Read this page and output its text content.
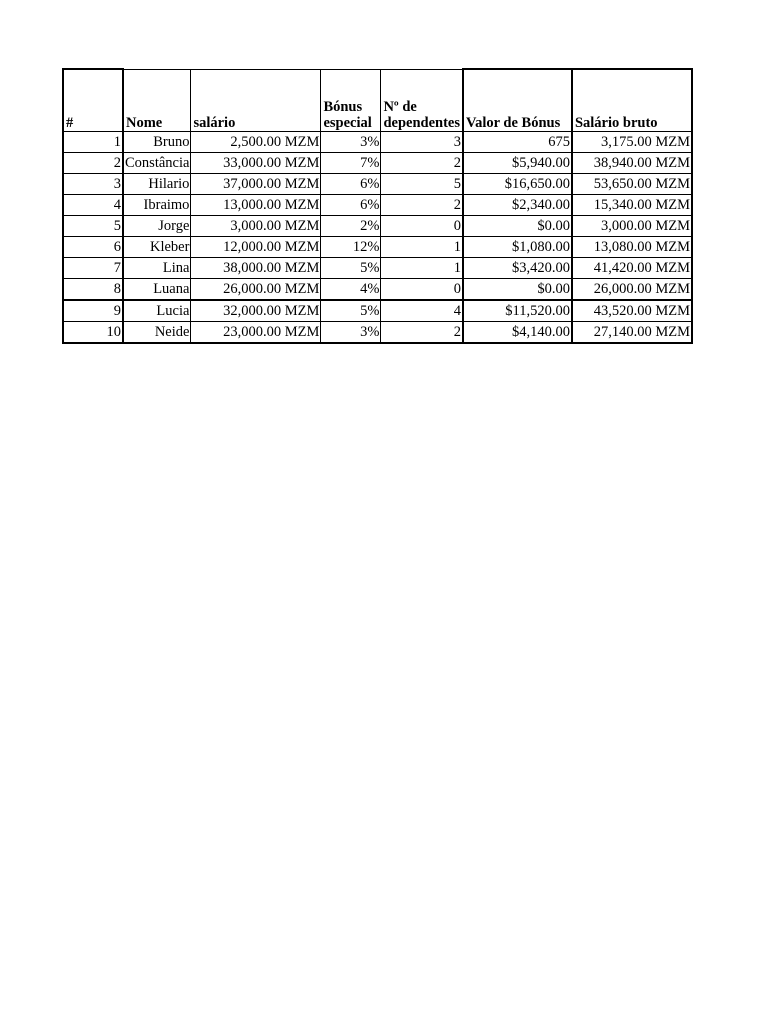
#	Nome	salário	Bónus especial	Nº de dependentes	Valor de Bónus	Salário bruto
1	Bruno	2,500.00 MZM	3%	3	675	3,175.00 MZM
2	Constância	33,000.00 MZM	7%	2	$5,940.00	38,940.00 MZM
3	Hilario	37,000.00 MZM	6%	5	$16,650.00	53,650.00 MZM
4	Ibraimo	13,000.00 MZM	6%	2	$2,340.00	15,340.00 MZM
5	Jorge	3,000.00 MZM	2%	0	$0.00	3,000.00 MZM
6	Kleber	12,000.00 MZM	12%	1	$1,080.00	13,080.00 MZM
7	Lina	38,000.00 MZM	5%	1	$3,420.00	41,420.00 MZM
8	Luana	26,000.00 MZM	4%	0	$0.00	26,000.00 MZM
9	Lucia	32,000.00 MZM	5%	4	$11,520.00	43,520.00 MZM
10	Neide	23,000.00 MZM	3%	2	$4,140.00	27,140.00 MZM
